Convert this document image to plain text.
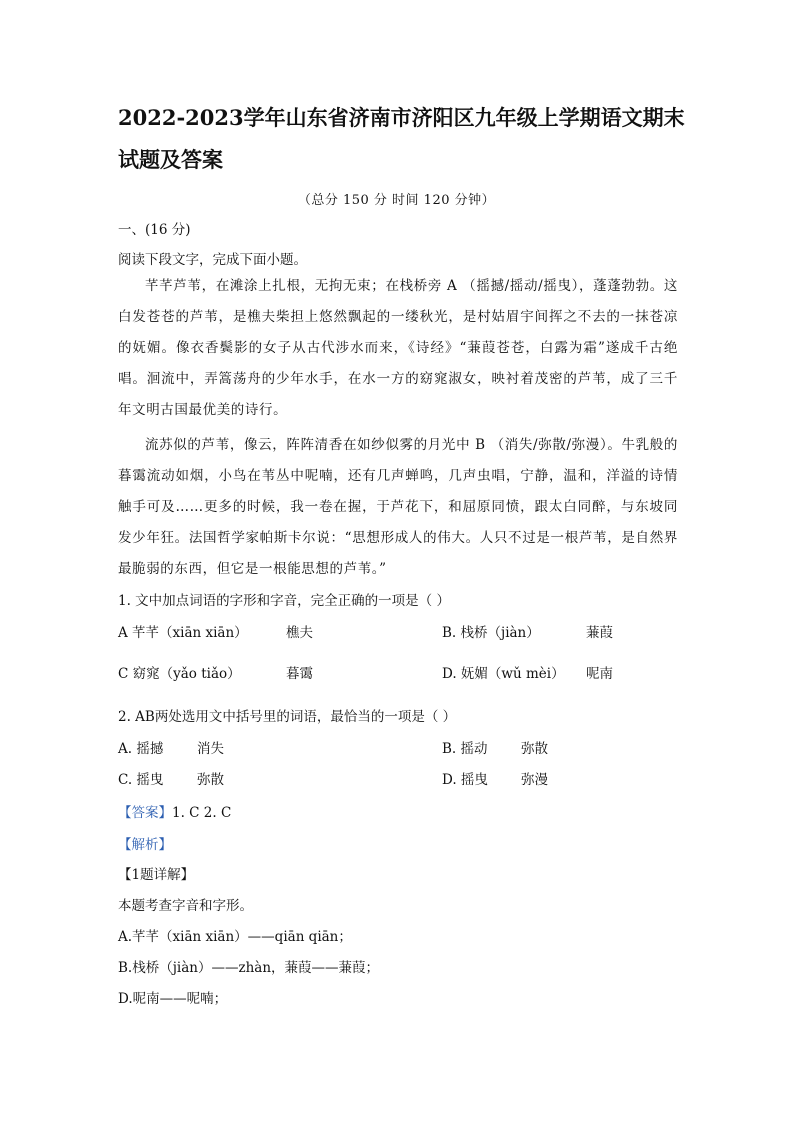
2022-2023学年山东省济南市济阳区九年级上学期语文期末试题及答案
（总分 150 分 时间 120 分钟）
一、(16 分)
阅读下段文字，完成下面小题。

芊芊芦苇，在滩涂上扎根，无拘无束；在栈桥旁 A （摇撼/摇动/摇曳），蓬蓬勃勃。这白发苍苍的芦苇，是樵夫柴担上悠然飘起的一缕秋光，是村姑眉宇间挥之不去的一抹苍凉的妩媚。像衣香鬓影的女子从古代涉水而来，《诗经》“蒹葭苍苍，白露为霜”遂成千古绝唱。洄流中，弄篙荡舟的少年水手，在水一方的窈窕淑女，映衬着茂密的芦苇，成了三千年文明古国最优美的诗行。

流苏似的芦苇，像云，阵阵清香在如纱似雾的月光中 B （消失/弥散/弥漫）。牛乳般的暮霭流动如烟，小鸟在苇丛中呢喃，还有几声蝉鸣，几声虫唱，宁静，温和，洋溢的诗情触手可及……更多的时候，我一卷在握，于芦花下，和屈原同愤，跟太白同醉，与东坡同发少年狂。法国哲学家帕斯卡尔说：“思想形成人的伟大。人只不过是一根芦苇，是自然界最脆弱的东西，但它是一根能思想的芦苇。”

1. 文中加点词语的字形和字音，完全正确的一项是（ ）
A 芊芊（xiān xiān）	樵夫	B. 栈桥（jiàn）	蒹葭
C 窈窕（yǎo tiǎo）	暮霭	D. 妩媚（wǔ mèi） 呢南
2. AB两处选用文中括号里的词语，最恰当的一项是（ ）
A. 摇撼 消失	B. 摇动 弥散
C. 摇曳 弥散	D. 摇曳 弥漫
【答案】1. C 2. C
【解析】
【1题详解】
本题考查字音和字形。
A.芊芊（xiān xiān）——qiān qiān；
B.栈桥（jiàn）——zhàn，蒹葭——蒹葭；
D.呢南——呢喃；
